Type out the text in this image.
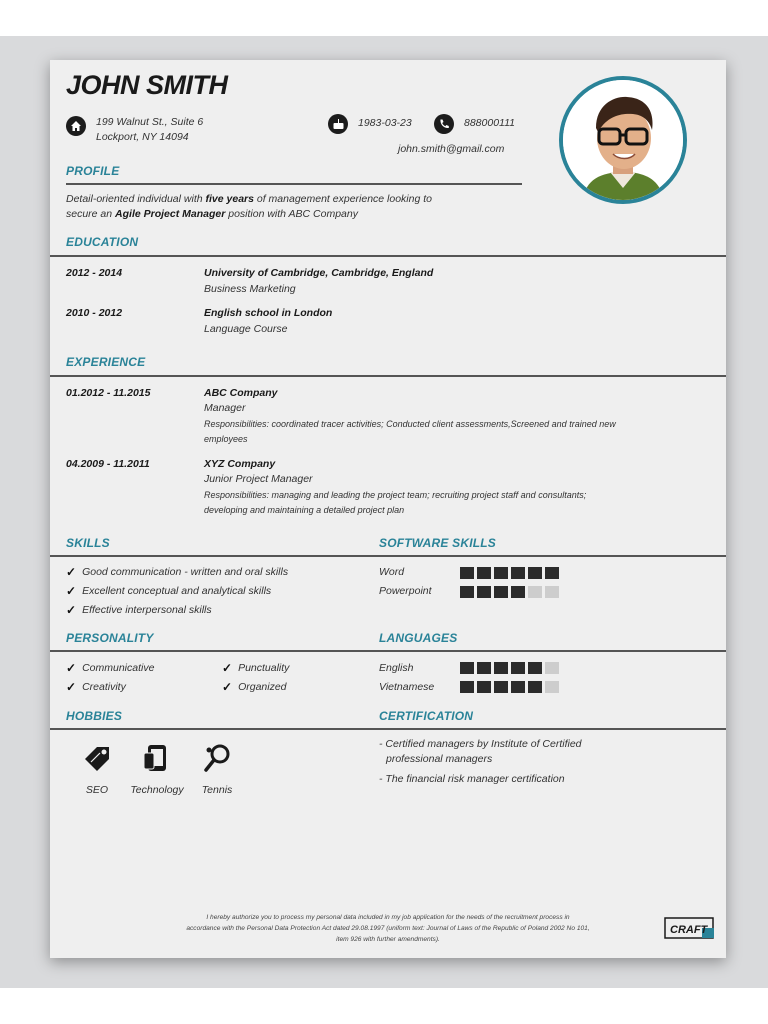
JOHN SMITH
199 Walnut St., Suite 6
Lockport, NY 14094
1983-03-23	888000111
john.smith@gmail.com
PROFILE
Detail-oriented individual with five years of management experience looking to
secure an Agile Project Manager position with ABC Company
EDUCATION
2012 - 2014	University of Cambridge, Cambridge, England
Business Marketing
2010 - 2012	English school in London
Language Course
EXPERIENCE
01.2012 - 11.2015	ABC Company
Manager
Responsibilities: coordinated tracer activities; Conducted client assessments,Screened and trained new
employees
04.2009 - 11.2011	XYZ Company
Junior Project Manager
Responsibilities: managing and leading the project team; recruiting project staff and consultants;
developing and maintaining a detailed project plan
SKILLS	SOFTWARE SKILLS
✓ Good communication - written and oral skills
✓ Excellent conceptual and analytical skills
✓ Effective interpersonal skills
Word
Powerpoint
PERSONALITY	LANGUAGES
✓ Communicative	✓ Punctuality
✓ Creativity	✓ Organized
English
Vietnamese
HOBBIES	CERTIFICATION
SEO	Technology	Tennis
- Certified managers by Institute of Certified
professional managers
- The financial risk manager certification
I hereby authorize you to process my personal data included in my job application for the needs of the recruitment process in
accordance with the Personal Data Protection Act dated 29.08.1997 (uniform text: Journal of Laws of the Republic of Poland 2002 No 101,
item 926 with further amendments).
CRAFT
